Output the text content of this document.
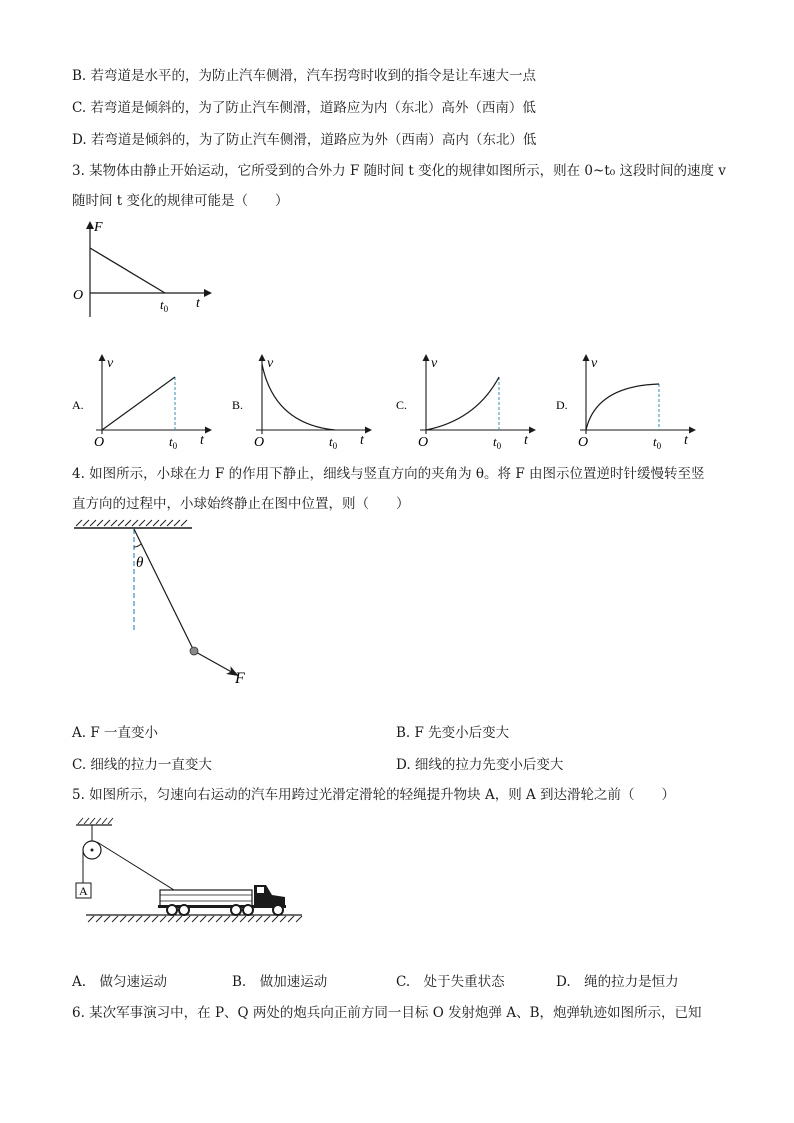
B. 若弯道是水平的，为防止汽车侧滑，汽车拐弯时收到的指令是让车速大一点
C. 若弯道是倾斜的，为了防止汽车侧滑，道路应为内（东北）高外（西南）低
D. 若弯道是倾斜的，为了防止汽车侧滑，道路应为外（西南）高内（东北）低
3. 某物体由静止开始运动，它所受到的合外力 F 随时间 t 变化的规律如图所示，则在 0~t₀ 这段时间的速度 v
随时间 t 变化的规律可能是（　　）
F
t
O
$t_0$
A.
v
t
O	$t_0$
B.
v
t
O	$t_0$
C.
v
t
O	$t_0$
D.
v
t
O	$t_0$
4. 如图所示，小球在力 F 的作用下静止，细线与竖直方向的夹角为 θ。将 F 由图示位置逆时针缓慢转至竖
直方向的过程中，小球始终静止在图中位置，则（　　）
θ
F
A. F 一直变小	B. F 先变小后变大
C. 细线的拉力一直变大	D. 细线的拉力先变小后变大
5. 如图所示，匀速向右运动的汽车用跨过光滑定滑轮的轻绳提升物块 A，则 A 到达滑轮之前（　　）
A
A.　做匀速运动	B.　做加速运动	C.　处于失重状态	D.　绳的拉力是恒力
6. 某次军事演习中，在 P、Q 两处的炮兵向正前方同一目标 O 发射炮弹 A、B，炮弹轨迹如图所示，已知
